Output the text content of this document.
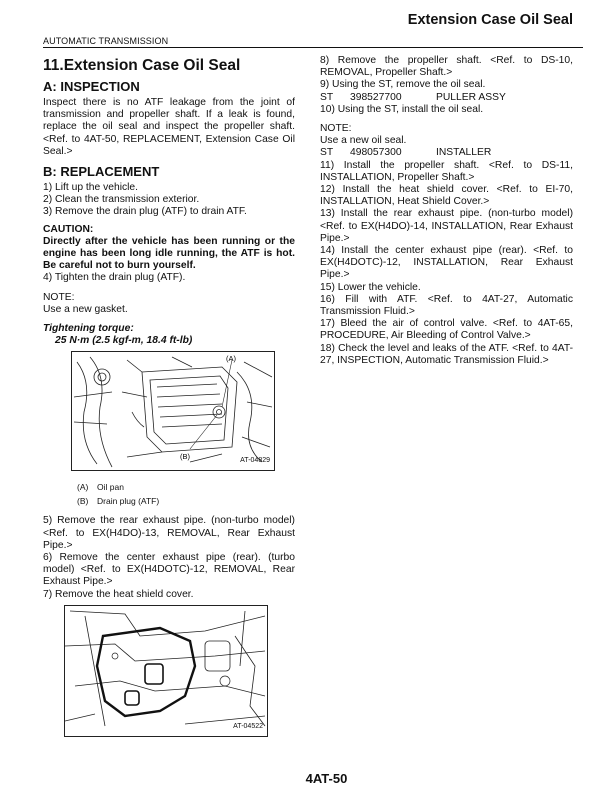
Extension Case Oil Seal
AUTOMATIC TRANSMISSION
11.Extension Case Oil Seal
A: INSPECTION

Inspect there is no ATF leakage from the joint of transmission and propeller shaft. If a leak is found, replace the oil seal and inspect the propeller shaft. <Ref. to 4AT-50, REPLACEMENT, Extension Case Oil Seal.>

B: REPLACEMENT
1) Lift up the vehicle.
2) Clean the transmission exterior.
3) Remove the drain plug (ATF) to drain ATF.
CAUTION:
Directly after the vehicle has been running or the engine has been long idle running, the ATF is hot. Be careful not to burn yourself.
4) Tighten the drain plug (ATF).
NOTE:
Use a new gasket.
Tightening torque:
25 N·m (2.5 kgf-m, 18.4 ft-lb)
(A)
(B)	AT-04829
(A) Oil pan
(B) Drain plug (ATF)

5) Remove the rear exhaust pipe. (non-turbo model) <Ref. to EX(H4DO)-13, REMOVAL, Rear Exhaust Pipe.>

6) Remove the center exhaust pipe (rear). (turbo model) <Ref. to EX(H4DOTC)-12, REMOVAL, Rear Exhaust Pipe.>

7) Remove the heat shield cover.

AT-04522

8) Remove the propeller shaft. <Ref. to DS-10, REMOVAL, Propeller Shaft.>

9) Using the ST, remove the oil seal.

ST 398527700	PULLER ASSY
10) Using the ST, install the oil seal.
NOTE:
Use a new oil seal.
ST 498057300	INSTALLER

11) Install the propeller shaft. <Ref. to DS-11, INSTALLATION, Propeller Shaft.>

12) Install the heat shield cover. <Ref. to EI-70, INSTALLATION, Heat Shield Cover.>

13) Install the rear exhaust pipe. (non-turbo model) <Ref. to EX(H4DO)-14, INSTALLATION, Rear Exhaust Pipe.>

14) Install the center exhaust pipe (rear). <Ref. to EX(H4DOTC)-12, INSTALLATION, Rear Exhaust Pipe.>

15) Lower the vehicle.

16) Fill with ATF. <Ref. to 4AT-27, Automatic Transmission Fluid.>

17) Bleed the air of control valve. <Ref. to 4AT-65, PROCEDURE, Air Bleeding of Control Valve.>

18) Check the level and leaks of the ATF. <Ref. to 4AT-27, INSPECTION, Automatic Transmission Fluid.>

4AT-50
